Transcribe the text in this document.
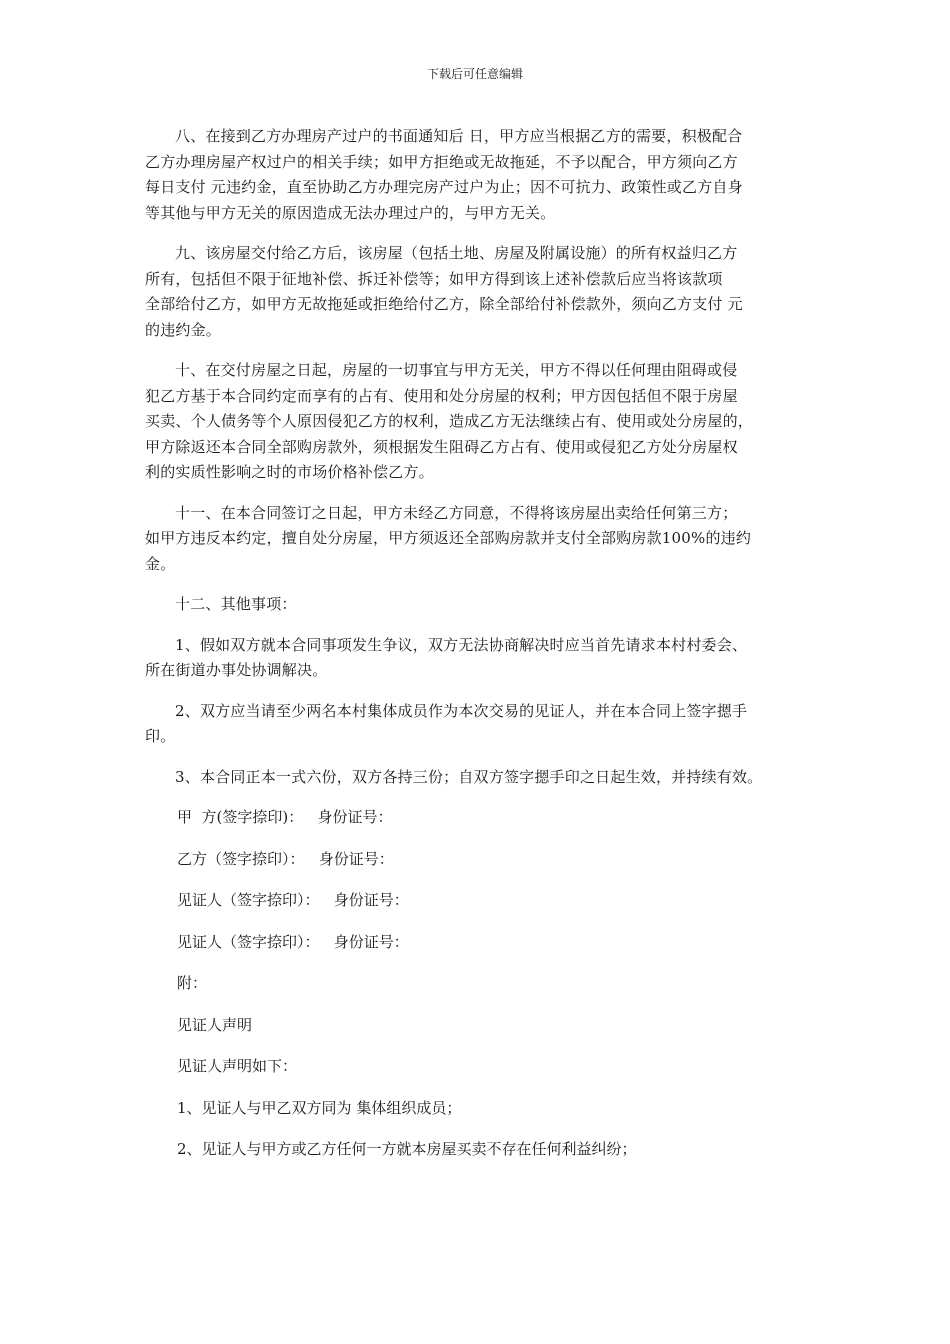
下载后可任意编辑

八、在接到乙方办理房产过户的书面通知后 日，甲方应当根据乙方的需要，积极配合
乙方办理房屋产权过户的相关手续；如甲方拒绝或无故拖延，不予以配合，甲方须向乙方
每日支付 元违约金，直至协助乙方办理完房产过户为止；因不可抗力、政策性或乙方自身
等其他与甲方无关的原因造成无法办理过户的，与甲方无关。

九、该房屋交付给乙方后，该房屋（包括土地、房屋及附属设施）的所有权益归乙方
所有，包括但不限于征地补偿、拆迁补偿等；如甲方得到该上述补偿款后应当将该款项
全部给付乙方，如甲方无故拖延或拒绝给付乙方，除全部给付补偿款外，须向乙方支付 元
的违约金。

十、在交付房屋之日起，房屋的一切事宜与甲方无关，甲方不得以任何理由阻碍或侵
犯乙方基于本合同约定而享有的占有、使用和处分房屋的权利；甲方因包括但不限于房屋
买卖、个人债务等个人原因侵犯乙方的权利，造成乙方无法继续占有、使用或处分房屋的，
甲方除返还本合同全部购房款外，须根据发生阻碍乙方占有、使用或侵犯乙方处分房屋权
利的实质性影响之时的市场价格补偿乙方。

十一、在本合同签订之日起，甲方未经乙方同意，不得将该房屋出卖给任何第三方；
如甲方违反本约定，擅自处分房屋，甲方须返还全部购房款并支付全部购房款100%的违约
金。

十二、其他事项：

1、假如双方就本合同事项发生争议，双方无法协商解决时应当首先请求本村村委会、
所在街道办事处协调解决。

2、双方应当请至少两名本村集体成员作为本次交易的见证人，并在本合同上签字摁手
印。

3、本合同正本一式六份，双方各持三份；自双方签字摁手印之日起生效，并持续有效。

甲  方(签字捺印)：   身份证号：

乙方（签字捺印）：   身份证号：

见证人（签字捺印）：   身份证号：

见证人（签字捺印）：   身份证号：

附：

见证人声明

见证人声明如下：

1、见证人与甲乙双方同为 集体组织成员；

2、见证人与甲方或乙方任何一方就本房屋买卖不存在任何利益纠纷；
